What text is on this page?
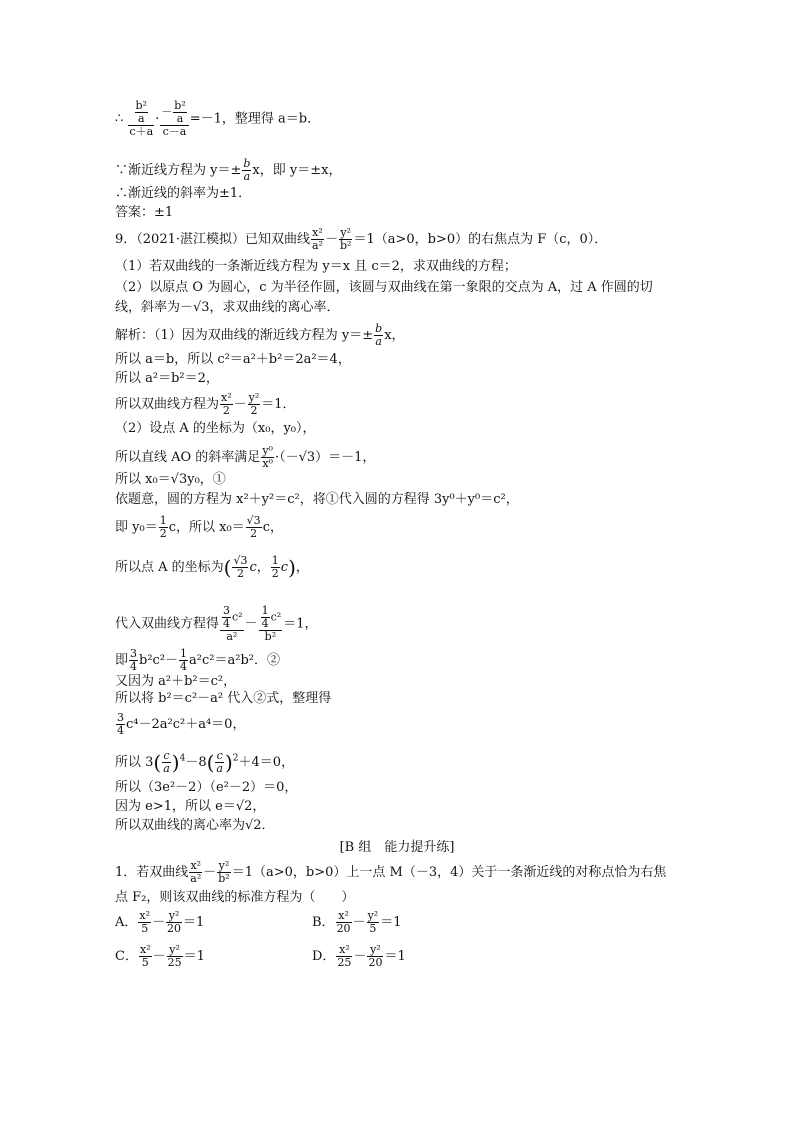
∴ $\frac{\frac{\text{b²}}{a}}{c+a} \cdot \frac{- \frac{\text{b²}}{a}}{c-a} =-1$，整理得 a＝b．
∵渐近线方程为 $y=\pm \frac{b}{a}$ x，即 y＝±x，
∴渐近线的斜率为±1．
答案：±1
9．（2021·湛江模拟）已知双曲线 $\frac{\text{x²}}{\text{a²}} - \frac{\text{y²}}{\text{b²}} =1(a>0$，b>0）的右焦点为 F（c，0）．
（1）若双曲线的一条渐近线方程为 y＝x 且 c＝2，求双曲线的方程；
（2）以原点 O 为圆心，c 为半径作圆，该圆与双曲线在第一象限的交点为 A，过 A 作圆的切
线，斜率为－√3，求双曲线的离心率．
解析：（1）因为双曲线的渐近线方程为 $y=\pm \frac{b}{a}$ x，
所以 a＝b，所以 c²＝a²＋b²＝2a²＝4，
所以 a²＝b²＝2，
所以双曲线方程为 $\frac{\text{x²}}{2} - \frac{\text{y²}}{2} =1$．
（2）设点 A 的坐标为（x₀，y₀），
所以直线 AO 的斜率满足 $\frac{\text{y⁰}}{\text{x⁰}} \cdot(-√3)=-1$，
所以 x₀＝√3y₀，①
依题意，圆的方程为 x²＋y²＝c²，将①代入圆的方程得 3y⁰＋y⁰＝c²，
即 $y_0= \frac{1}{2}$ c，所以 $x_0= \frac{√3}{2}$ c，
所以点 A 的坐标为( $\frac{√3}{2}$ c， $\frac{1}{2} c$)，
代入双曲线方程得 $\frac{\frac{3}{4} c^2}{\text{a²}} - \frac{\frac{1}{4} c^2}{\text{b²}} =1$，
即 $\frac{3}{4} b^2c^2- \frac{1}{4} a^2c^2=a^2b^2$．②
又因为 a²＋b²＝c²，
所以将 b²＝c²－a² 代入②式，整理得
$\frac{3}{4} c^4-2a^2c^2+a^4=0$，
所以 $3( \frac{c}{a} )^4-8( \frac{c}{a} )^2+4=0$，
所以（3e²－2）（e²－2）＝0，
因为 e>1，所以 e＝√2，
所以双曲线的离心率为√2．
[B 组　能力提升练]
1．若双曲线 $\frac{\text{x²}}{\text{a²}} - \frac{\text{y²}}{\text{b²}} =1(a>0$，b>0）上一点 M（－3，4）关于一条渐近线的对称点恰为右焦
点 F₂，则该双曲线的标准方程为（　　）
A． $\frac{\text{x²}}{5} - \frac{\text{y²}}{20} =1$	B． $\frac{\text{x²}}{20} - \frac{\text{y²}}{5} =1$
C． $\frac{\text{x²}}{5} - \frac{\text{y²}}{25} =1$	D． $\frac{\text{x²}}{25} - \frac{\text{y²}}{20} =1$
